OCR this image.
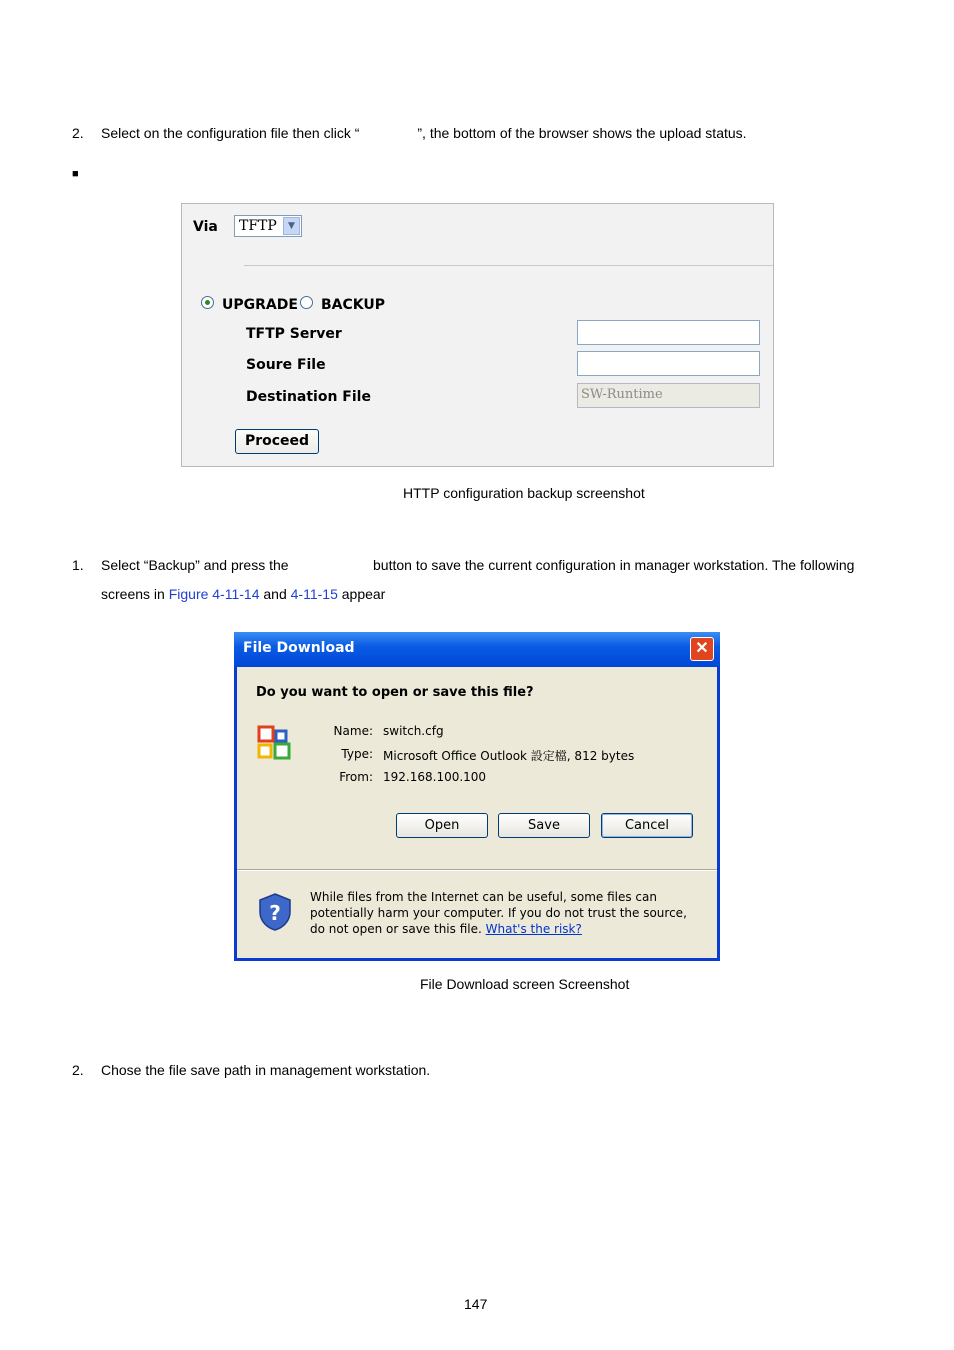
2. Select on the configuration file then click “	”, the bottom of the browser shows the upload status.
■
Via TFTP	▼
UPGRADE BACKUP
TFTP Server
Soure File
Destination File	SW-Runtime
Proceed
HTTP configuration backup screenshot
1. Select “Backup” and press the	button to save the current configuration in manager workstation. The following
screens in Figure 4-11-14 and 4-11-15 appear
File Download	✕
Do you want to open or save this file?
Name: switch.cfg
Type: Microsoft Office Outlook 設定檔, 812 bytes
From: 192.168.100.100
Open	Save	Cancel
?
While files from the Internet can be useful, some files can potentially harm your computer. If you do not trust the source, do not open or save this file. What's the risk?
File Download screen Screenshot
2. Chose the file save path in management workstation.
147
